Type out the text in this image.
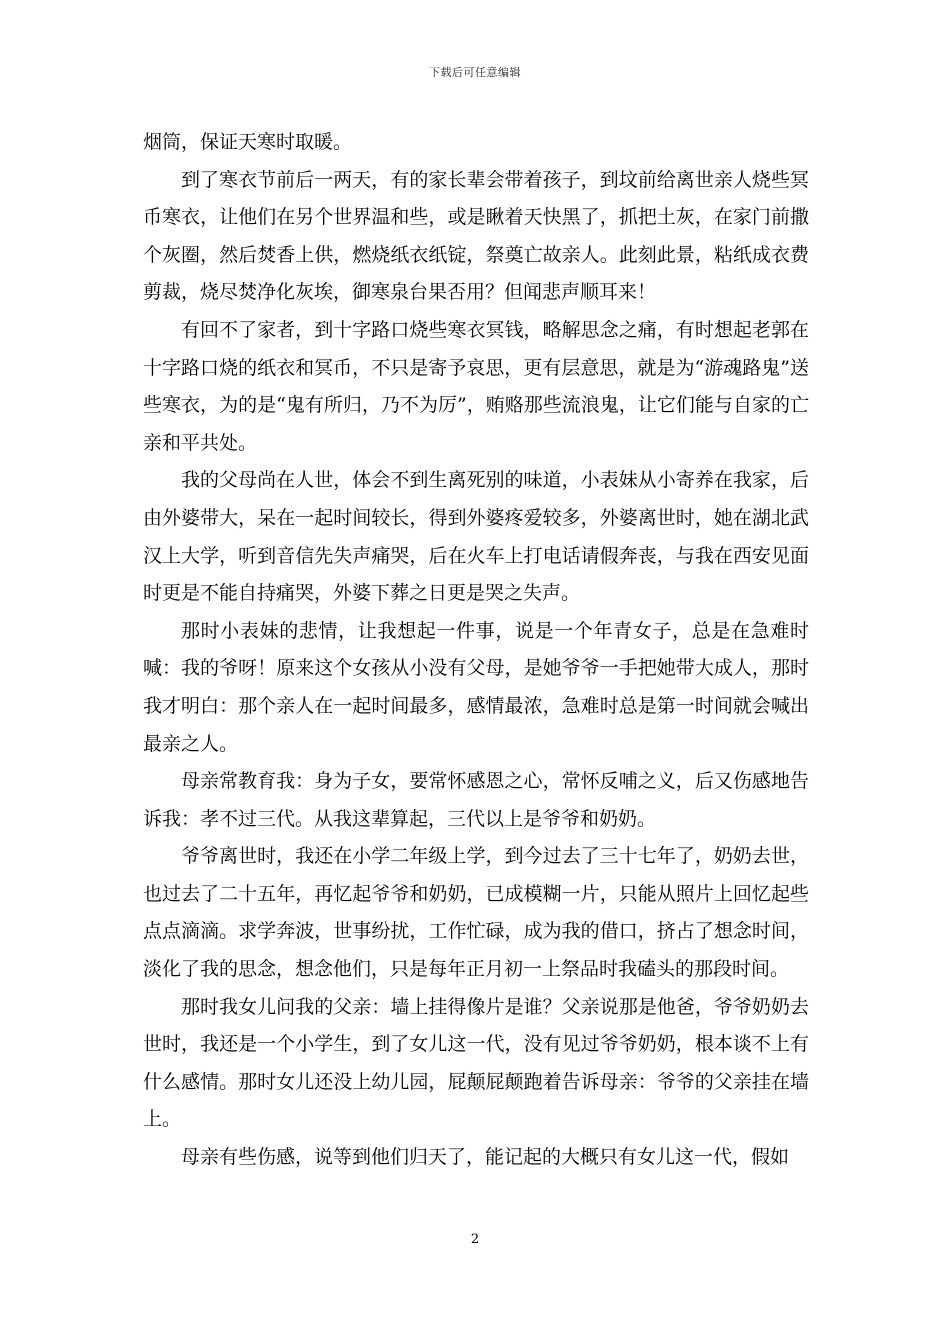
下载后可任意编辑

烟筒，保证天寒时取暖。

到了寒衣节前后一两天，有的家长辈会带着孩子，到坟前给离世亲人烧些冥币寒衣，让他们在另个世界温和些，或是瞅着天快黑了，抓把土灰，在家门前撒个灰圈，然后焚香上供，燃烧纸衣纸锭，祭奠亡故亲人。此刻此景，粘纸成衣费剪裁，烧尽焚净化灰埃，御寒泉台果否用？但闻悲声顺耳来！

有回不了家者，到十字路口烧些寒衣冥钱，略解思念之痛，有时想起老郭在十字路口烧的纸衣和冥币，不只是寄予哀思，更有层意思，就是为“游魂路鬼”送些寒衣，为的是“鬼有所归，乃不为厉”，贿赂那些流浪鬼，让它们能与自家的亡亲和平共处。

我的父母尚在人世，体会不到生离死别的味道，小表妹从小寄养在我家，后由外婆带大，呆在一起时间较长，得到外婆疼爱较多，外婆离世时，她在湖北武汉上大学，听到音信先失声痛哭，后在火车上打电话请假奔丧，与我在西安见面时更是不能自持痛哭，外婆下葬之日更是哭之失声。

那时小表妹的悲情，让我想起一件事，说是一个年青女子，总是在急难时喊：我的爷呀！原来这个女孩从小没有父母，是她爷爷一手把她带大成人，那时我才明白：那个亲人在一起时间最多，感情最浓，急难时总是第一时间就会喊出最亲之人。

母亲常教育我：身为子女，要常怀感恩之心，常怀反哺之义，后又伤感地告诉我：孝不过三代。从我这辈算起，三代以上是爷爷和奶奶。

爷爷离世时，我还在小学二年级上学，到今过去了三十七年了，奶奶去世，也过去了二十五年，再忆起爷爷和奶奶，已成模糊一片，只能从照片上回忆起些点点滴滴。求学奔波，世事纷扰，工作忙碌，成为我的借口，挤占了想念时间，淡化了我的思念，想念他们，只是每年正月初一上祭品时我磕头的那段时间。

那时我女儿问我的父亲：墙上挂得像片是谁？父亲说那是他爸，爷爷奶奶去世时，我还是一个小学生，到了女儿这一代，没有见过爷爷奶奶，根本谈不上有什么感情。那时女儿还没上幼儿园，屁颠屁颠跑着告诉母亲：爷爷的父亲挂在墙上。

母亲有些伤感，说等到他们归天了，能记起的大概只有女儿这一代，假如

2
